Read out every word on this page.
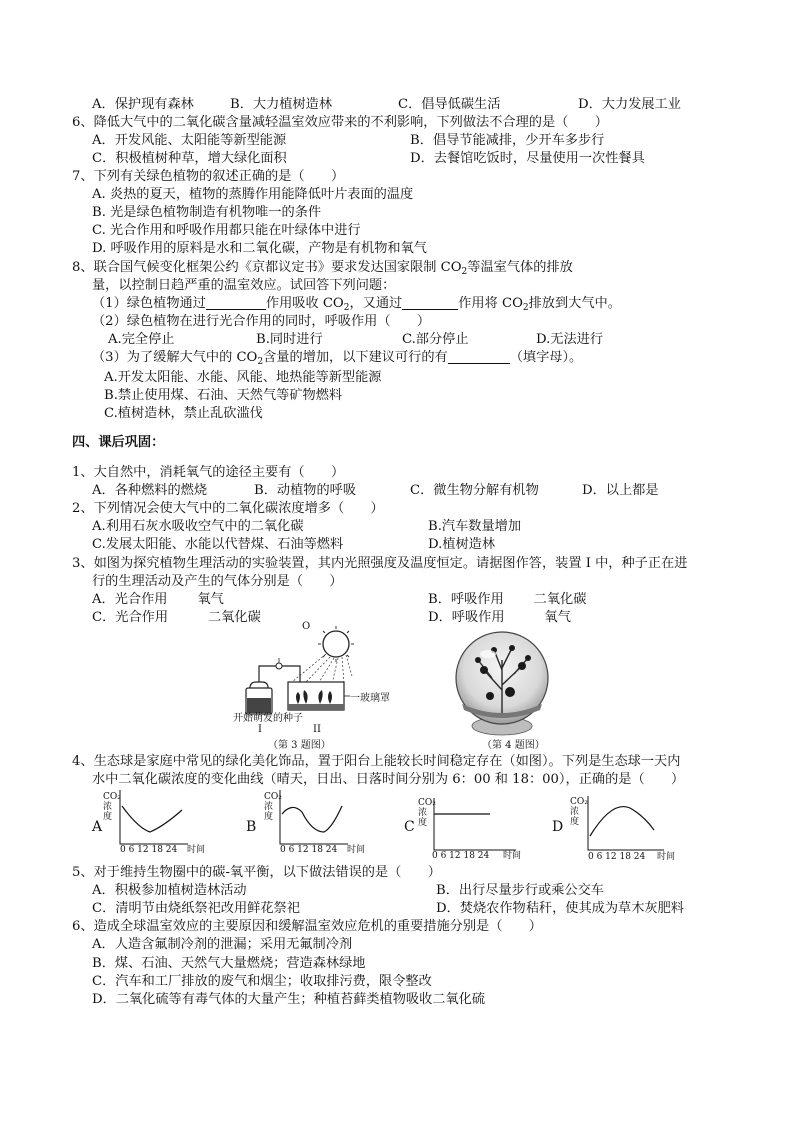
A．保护现有森林	B．大力植树造林	C．倡导低碳生活	D．大力发展工业
6、降低大气中的二氧化碳含量减轻温室效应带来的不利影响，下列做法不合理的是（　　）
A．开发风能、太阳能等新型能源	B．倡导节能减排，少开车多步行
C．积极植树种草，增大绿化面积	D．去餐馆吃饭时，尽量使用一次性餐具
7、下列有关绿色植物的叙述正确的是（　　）
A. 炎热的夏天，植物的蒸腾作用能降低叶片表面的温度
B. 光是绿色植物制造有机物唯一的条件
C. 光合作用和呼吸作用都只能在叶绿体中进行
D. 呼吸作用的原料是水和二氧化碳，产物是有机物和氧气
8、联合国气候变化框架公约《京都议定书》要求发达国家限制 $CO_2$等温室气体的排放
量，以控制日趋严重的温室效应。试回答下列问题：
（1）绿色植物通过	作用吸收 $CO_2$，又通过	作用将 $CO_2$排放到大气中。
（2）绿色植物在进行光合作用的同时，呼吸作用（　　）
A.完全停止	B.同时进行	C.部分停止	D.无法进行
（3）为了缓解大气中的 $CO_2$含量的增加，以下建议可行的有	（填字母）。
A.开发太阳能、水能、风能、地热能等新型能源
B.禁止使用煤、石油、天然气等矿物燃料
C.植树造林，禁止乱砍滥伐
四、课后巩固：
1、大自然中，消耗氧气的途径主要有（　　）
A．各种燃料的燃烧	B．动植物的呼吸	C．微生物分解有机物	D．以上都是
2、下列情况会使大气中的二氧化碳浓度增多（　　）
A.利用石灰水吸收空气中的二氧化碳	B.汽车数量增加
C.发展太阳能、水能以代替煤、石油等燃料	D.植树造林
3、如图为探究植物生理活动的实验装置，其内光照强度及温度恒定。请据图作答，装置 I 中，种子正在进
行的生理活动及产生的气体分别是（　　）
A．光合作用 氧气	B．呼吸作用 二氧化碳
C．光合作用	二氧化碳	D．呼吸作用	氧气
O
开始萌发的种子
一玻璃罩
I	II
（第 3 题图）	（第 4 题图）
4、生态球是家庭中常见的绿化美化饰品，置于阳台上能较长时间稳定存在（如图）。下列是生态球一天内
水中二氧化碳浓度的变化曲线（晴天，日出、日落时间分别为 6：00 和 18：00），正确的是（　　）
A
CO₂
浓
度
0 6 12 18 24 时间
B
CO₂
浓
度
0 6 12 18 24 时间
C
CO₂
浓
度
0 6 12 18 24 时间
D
CO₂
浓
度
0 6 12 18 24 时间
5、对于维持生物圈中的碳-氧平衡，以下做法错误的是（　　）
A．积极参加植树造林活动	B．出行尽量步行或乘公交车
C．清明节由烧纸祭祀改用鲜花祭祀	D．焚烧农作物秸秆，使其成为草木灰肥料
6、造成全球温室效应的主要原因和缓解温室效应危机的重要措施分别是（　　）
A．人造含氟制冷剂的泄漏；采用无氟制冷剂
B．煤、石油、天然气大量燃烧；营造森林绿地
C．汽车和工厂排放的废气和烟尘；收取排污费，限令整改
D．二氧化硫等有毒气体的大量产生；种植苔藓类植物吸收二氧化硫
